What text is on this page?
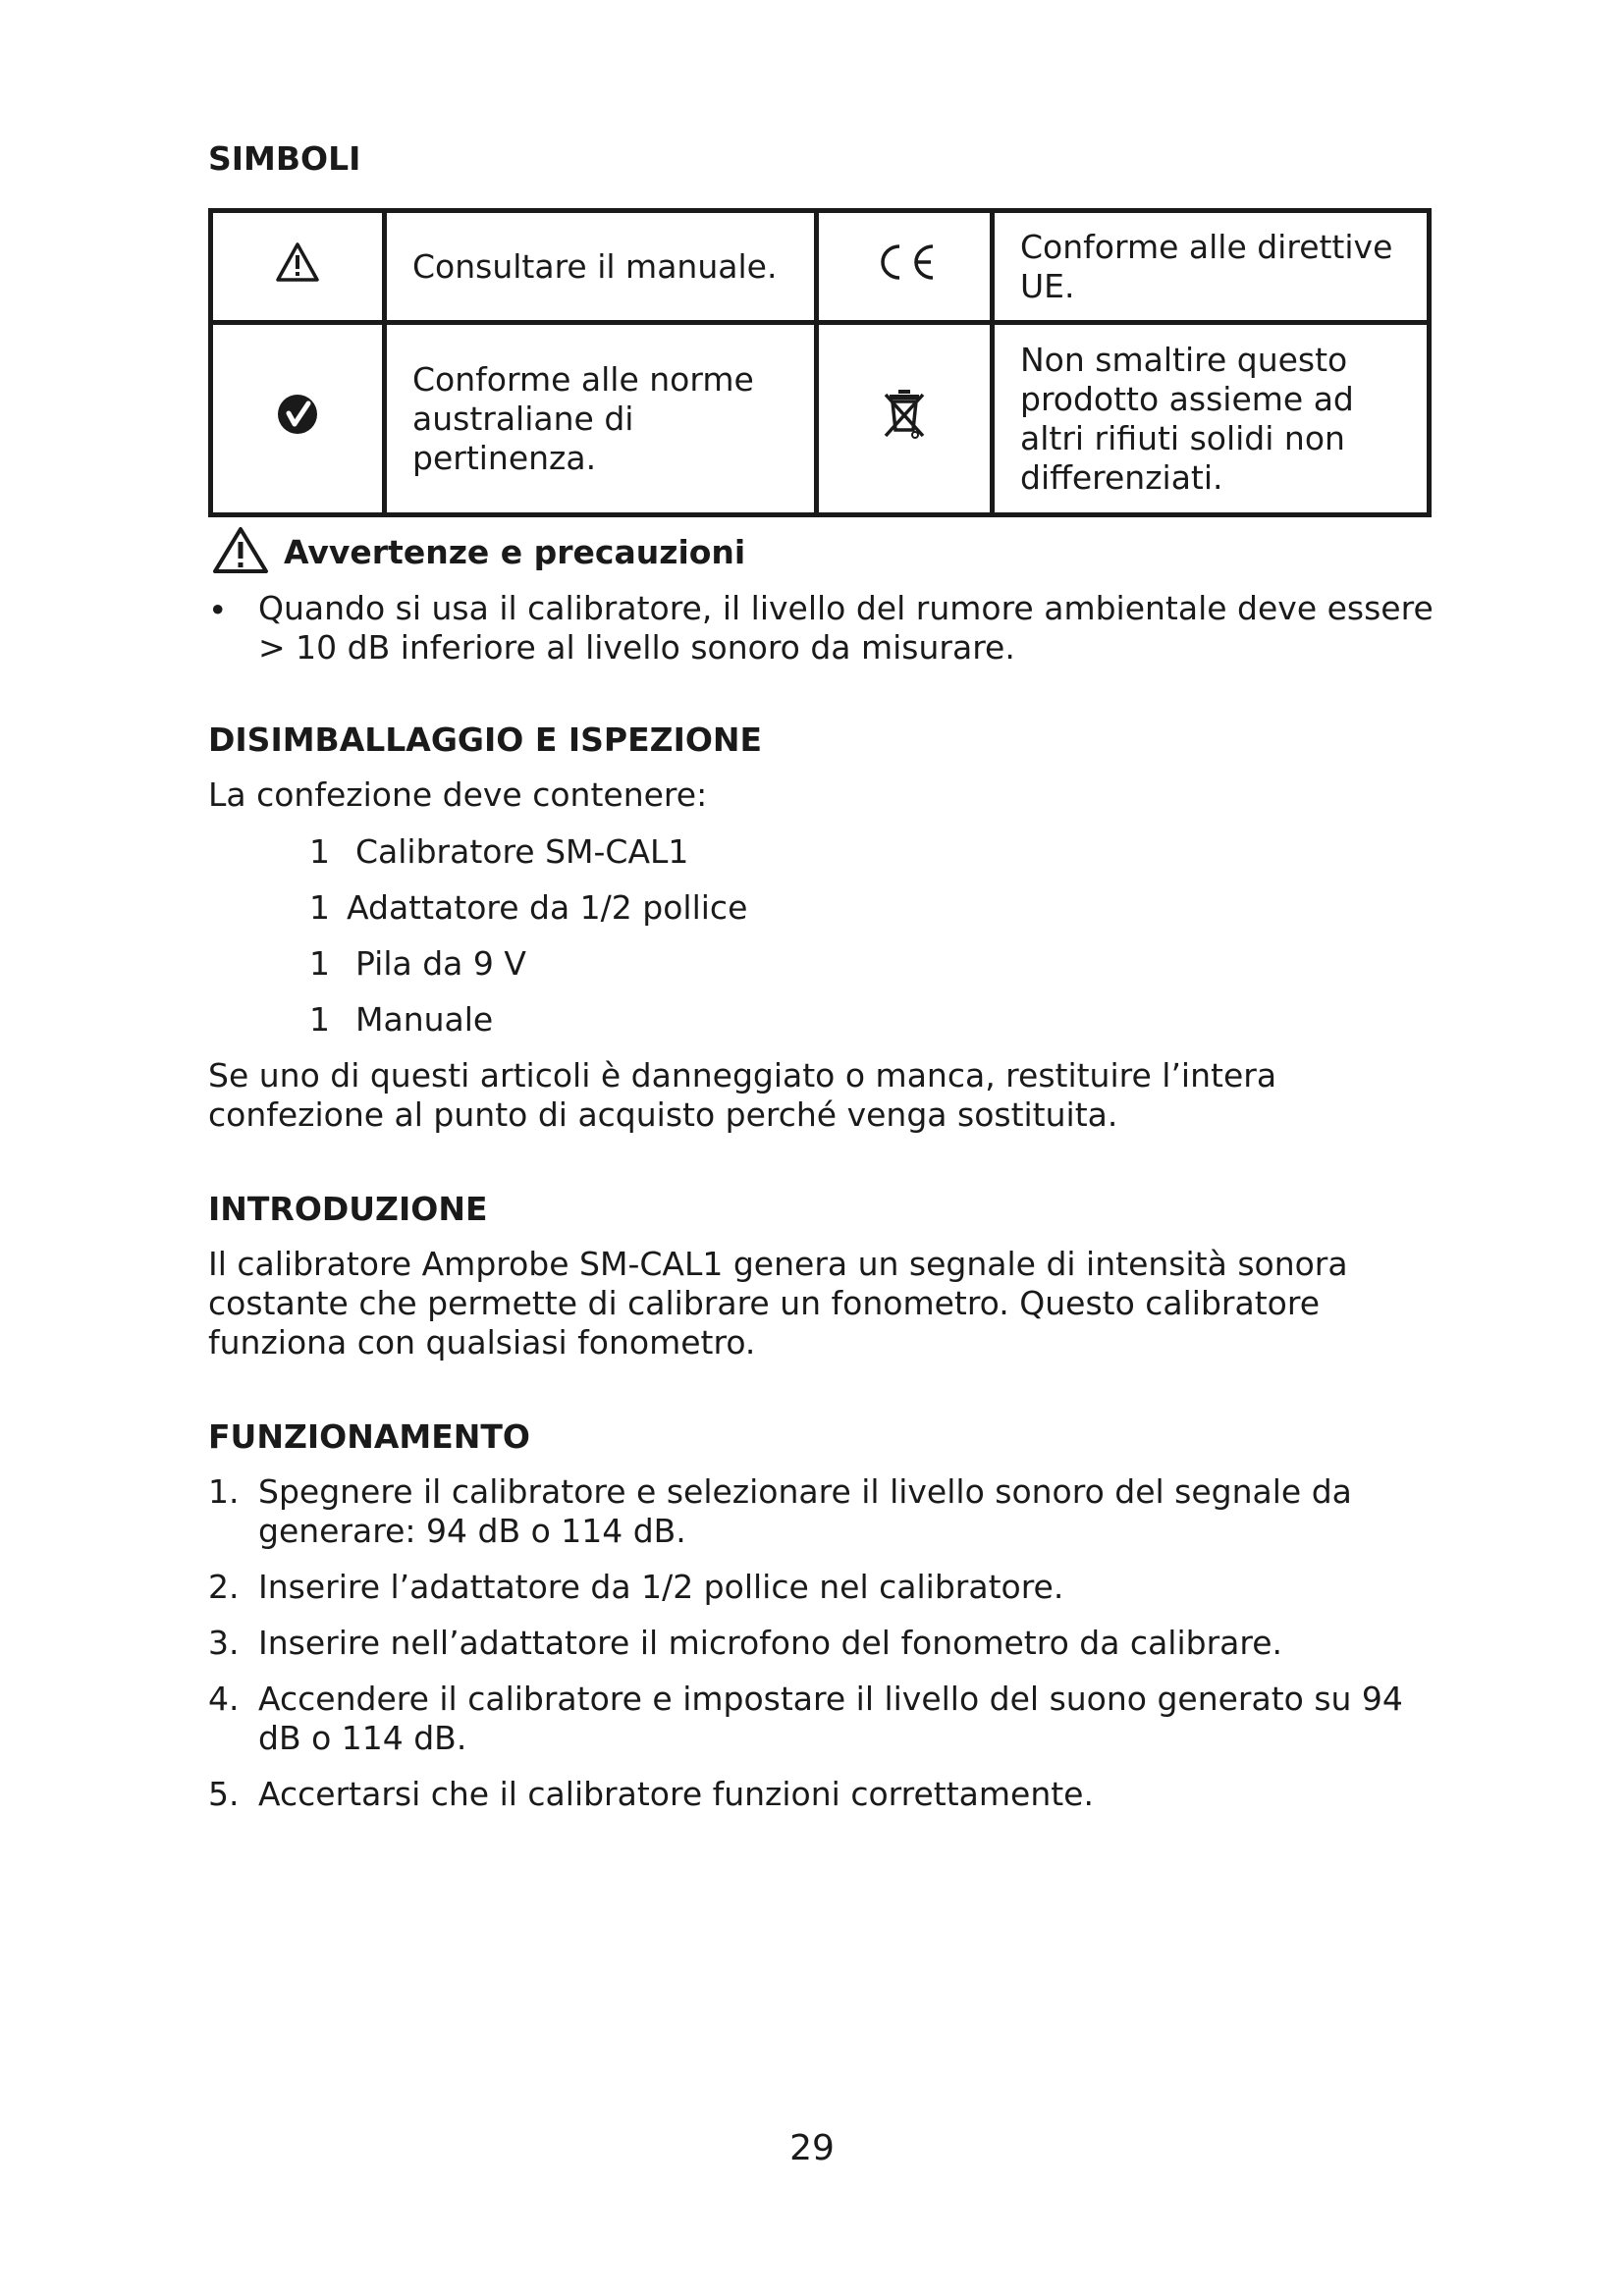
SIMBOLI
	Consultare il manuale.		Conforme alle direttive UE.
	Conforme alle norme australiane di pertinenza.		Non smaltire questo prodotto assieme ad altri rifiuti solidi non differenziati.
Avvertenze e precauzioni
• Quando si usa il calibratore, il livello del rumore ambientale deve essere > 10 dB inferiore al livello sonoro da misurare.
DISIMBALLAGGIO E ISPEZIONE
La confezione deve contenere:
1 Calibratore SM-CAL1
1 Adattatore da 1/2 pollice
1 Pila da 9 V
1 Manuale
Se uno di questi articoli è danneggiato o manca, restituire l’intera confezione al punto di acquisto perché venga sostituita.
INTRODUZIONE
Il calibratore Amprobe SM-CAL1 genera un segnale di intensità sonora costante che permette di calibrare un fonometro. Questo calibratore funziona con qualsiasi fonometro.
FUNZIONAMENTO
1. Spegnere il calibratore e selezionare il livello sonoro del segnale da generare: 94 dB o 114 dB.
2. Inserire l’adattatore da 1/2 pollice nel calibratore.
3. Inserire nell’adattatore il microfono del fonometro da calibrare.
4. Accendere il calibratore e impostare il livello del suono generato su 94 dB o 114 dB.
5. Accertarsi che il calibratore funzioni correttamente.
29
